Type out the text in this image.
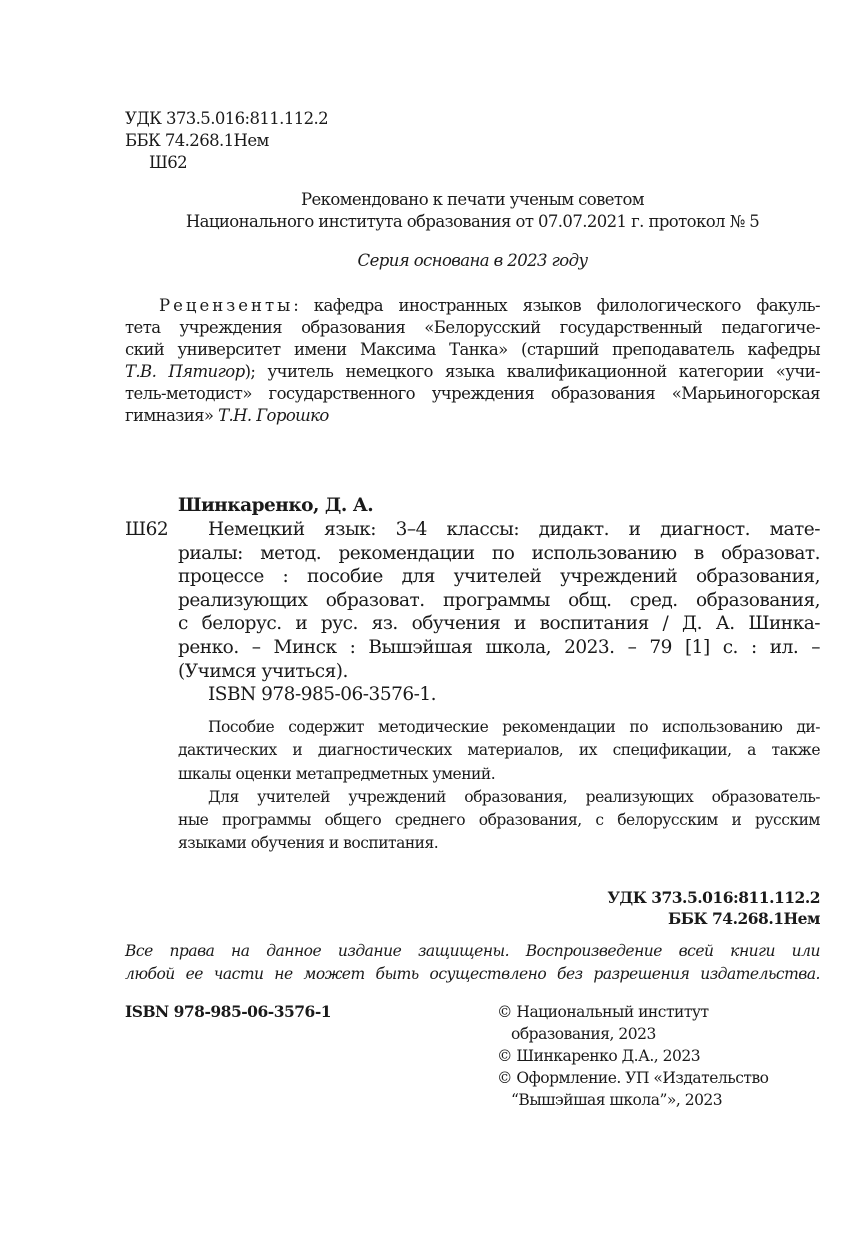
УДК 373.5.016:811.112.2
ББК 74.268.1Нем
Ш62
Рекомендовано к печати ученым советом
Национального института образования от 07.07.2021 г. протокол № 5
Серия основана в 2023 году
Рецензенты: кафедра иностранных языков филологического факуль-
тета учреждения образования «Белорусский государственный педагогиче-
ский университет имени Максима Танка» (старший преподаватель кафедры
Т.В. Пятигор); учитель немецкого языка квалификационной категории «учи-
тель-методист» государственного учреждения образования «Марьиногорская
гимназия» Т.Н. Горошко
Шинкаренко, Д. А.
Ш62	Немецкий язык: 3–4 классы: дидакт. и диагност. мате-
риалы: метод. рекомендации по использованию в образоват.
процессе : пособие для учителей учреждений образования,
реализующих образоват. программы общ. сред. образования,
с белорус. и рус. яз. обучения и воспитания / Д. А. Шинка-
ренко. – Минск : Вышэйшая школа, 2023. – 79 [1] с. : ил. –
(Учимся учиться).
ISBN 978-985-06-3576-1.
Пособие содержит методические рекомендации по использованию ди-
дактических и диагностических материалов, их спецификации, а также
шкалы оценки метапредметных умений.
Для учителей учреждений образования, реализующих образователь-
ные программы общего среднего образования, с белорусским и русским
языками обучения и воспитания.
УДК 373.5.016:811.112.2
ББК 74.268.1Нем
Все права на данное издание защищены. Воспроизведение всей книги или
любой ее части не может быть осуществлено без разрешения издательства.
ISBN 978-985-06-3576-1	© Национальный институт
образования, 2023
© Шинкаренко Д.А., 2023
© Оформление. УП «Издательство
“Вышэйшая школа”», 2023
